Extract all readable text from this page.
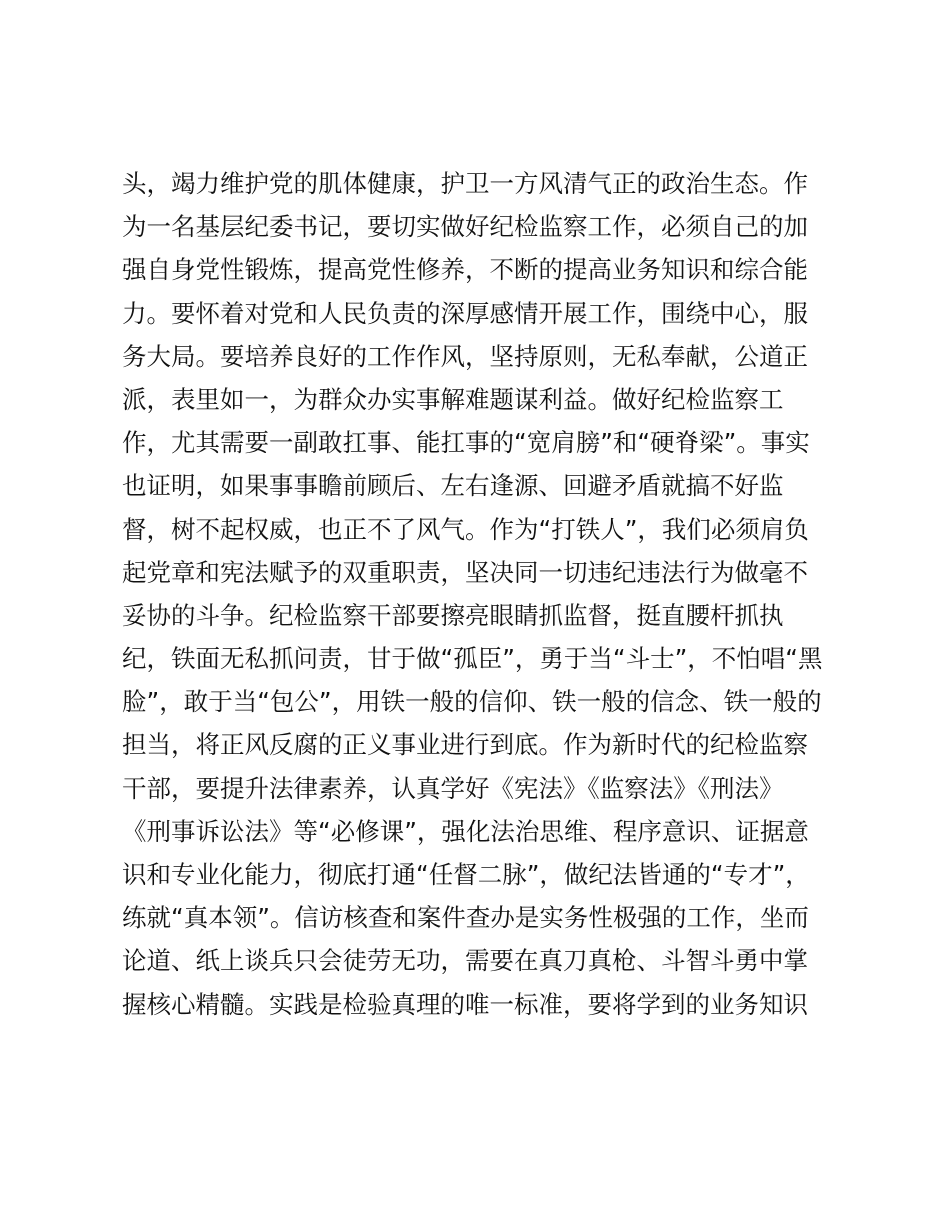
头，竭力维护党的肌体健康，护卫一方风清气正的政治生态。作
为一名基层纪委书记，要切实做好纪检监察工作，必须自己的加
强自身党性锻炼，提高党性修养，不断的提高业务知识和综合能
力。要怀着对党和人民负责的深厚感情开展工作，围绕中心，服
务大局。要培养良好的工作作风，坚持原则，无私奉献，公道正
派，表里如一，为群众办实事解难题谋利益。做好纪检监察工
作，尤其需要一副敢扛事、能扛事的“宽肩膀”和“硬脊梁”。事实
也证明，如果事事瞻前顾后、左右逢源、回避矛盾就搞不好监
督，树不起权威，也正不了风气。作为“打铁人”，我们必须肩负
起党章和宪法赋予的双重职责，坚决同一切违纪违法行为做毫不
妥协的斗争。纪检监察干部要擦亮眼睛抓监督，挺直腰杆抓执
纪，铁面无私抓问责，甘于做“孤臣”，勇于当“斗士”，不怕唱“黑
脸”，敢于当“包公”，用铁一般的信仰、铁一般的信念、铁一般的
担当，将正风反腐的正义事业进行到底。作为新时代的纪检监察
干部，要提升法律素养，认真学好《宪法》《监察法》《刑法》
《刑事诉讼法》等“必修课”，强化法治思维、程序意识、证据意
识和专业化能力，彻底打通“任督二脉”，做纪法皆通的“专才”，
练就“真本领”。信访核查和案件查办是实务性极强的工作，坐而
论道、纸上谈兵只会徒劳无功，需要在真刀真枪、斗智斗勇中掌
握核心精髓。实践是检验真理的唯一标准，要将学到的业务知识
